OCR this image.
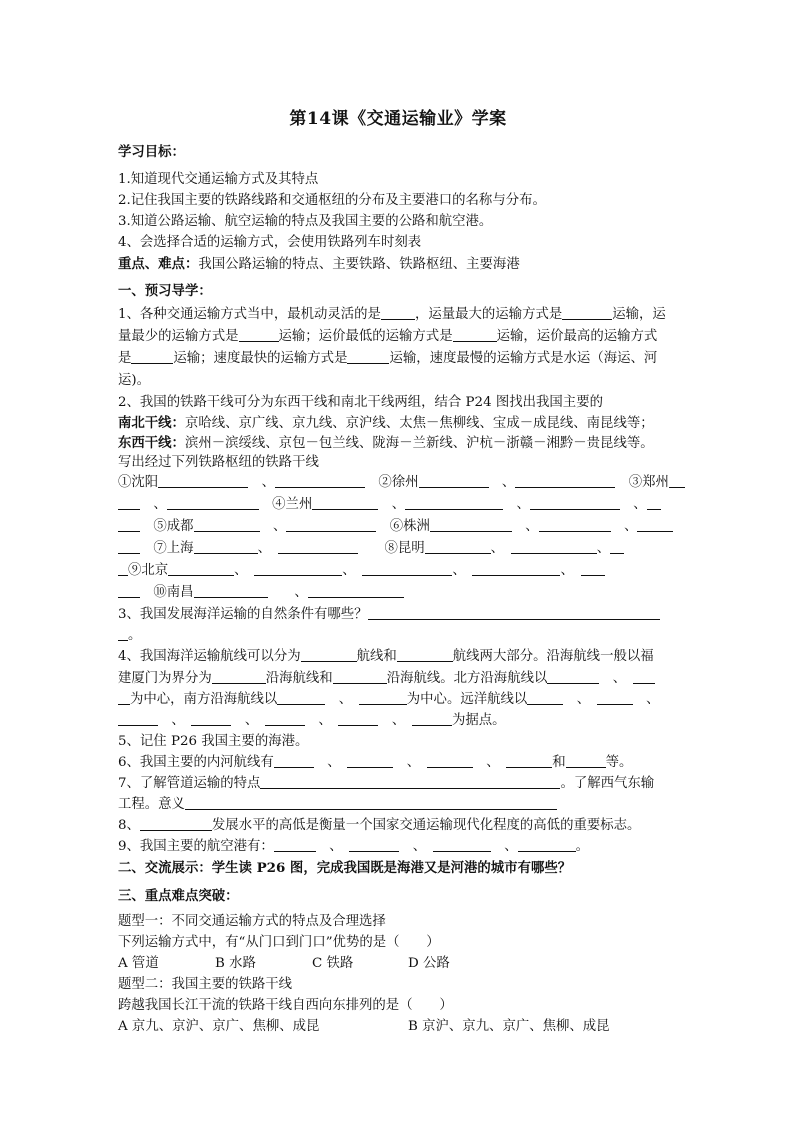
第14课《交通运输业》学案
学习目标：
1.知道现代交通运输方式及其特点
2.记住我国主要的铁路线路和交通枢纽的分布及主要港口的名称与分布。
3.知道公路运输、航空运输的特点及我国主要的公路和航空港。
4、会选择合适的运输方式，会使用铁路列车时刻表
重点、难点：我国公路运输的特点、主要铁路、铁路枢纽、主要海港
一、预习导学：
1、各种交通运输方式当中，最机动灵活的是	，运量最大的运输方式是	运输，运
量最少的运输方式是	运输；运价最低的运输方式是	运输，运价最高的运输方式
是	运输；速度最快的运输方式是	运输，速度最慢的运输方式是水运（海运、河
运)。
2、我国的铁路干线可分为东西干线和南北干线两组，结合 P24 图找出我国主要的
南北干线：京哈线、京广线、京九线、京沪线、太焦－焦柳线、宝成－成昆线、南昆线等；
东西干线：滨州－滨绥线、京包－包兰线、陇海－兰新线、沪杭－浙赣－湘黔－贵昆线等。
写出经过下列铁路枢纽的铁路干线
①沈阳　	、　	②徐州　	、　	③郑州
　、　	④兰州　	、　	、　	、
　⑤成都　	、　	⑥株洲　	、　	、
　⑦上海	、　　　	⑧昆明	、　	、
⑨北京	、　	、　	、　	、　
　⑩南昌　　	、
3、我国发展海洋运输的自然条件有哪些？
。
4、我国海洋运输航线可以分为	航线和	航线两大部分。沿海航线一般以福
建厦门为界分为	沿海航线和	沿海航线。北方沿海航线以　	、　
为中心，南方沿海航线以　	、　	为中心。远洋航线以　	、　　	、
　、　　	、　　	、　　	、　	为据点。
5、记住 P26 我国主要的海港。
6、我国主要的内河航线有　	、　　	、　　	、　	和	等。
7、了解管道运输的特点	。了解西气东输
工程。意义
8、	发展水平的高低是衡量一个国家交通运输现代化程度的高低的重要标志。
9、我国主要的航空港有：　	、　　	、　　	、	。
二、交流展示：学生读 P26 图，完成我国既是海港又是河港的城市有哪些？
三、重点难点突破：
题型一：不同交通运输方式的特点及合理选择
下列运输方式中，有“从门口到门口”优势的是（　　）
A 管道	B 水路	C 铁路	D 公路
题型二：我国主要的铁路干线
跨越我国长江干流的铁路干线自西向东排列的是（　　）
A 京九、京沪、京广、焦柳、成昆	B 京沪、京九、京广、焦柳、成昆
